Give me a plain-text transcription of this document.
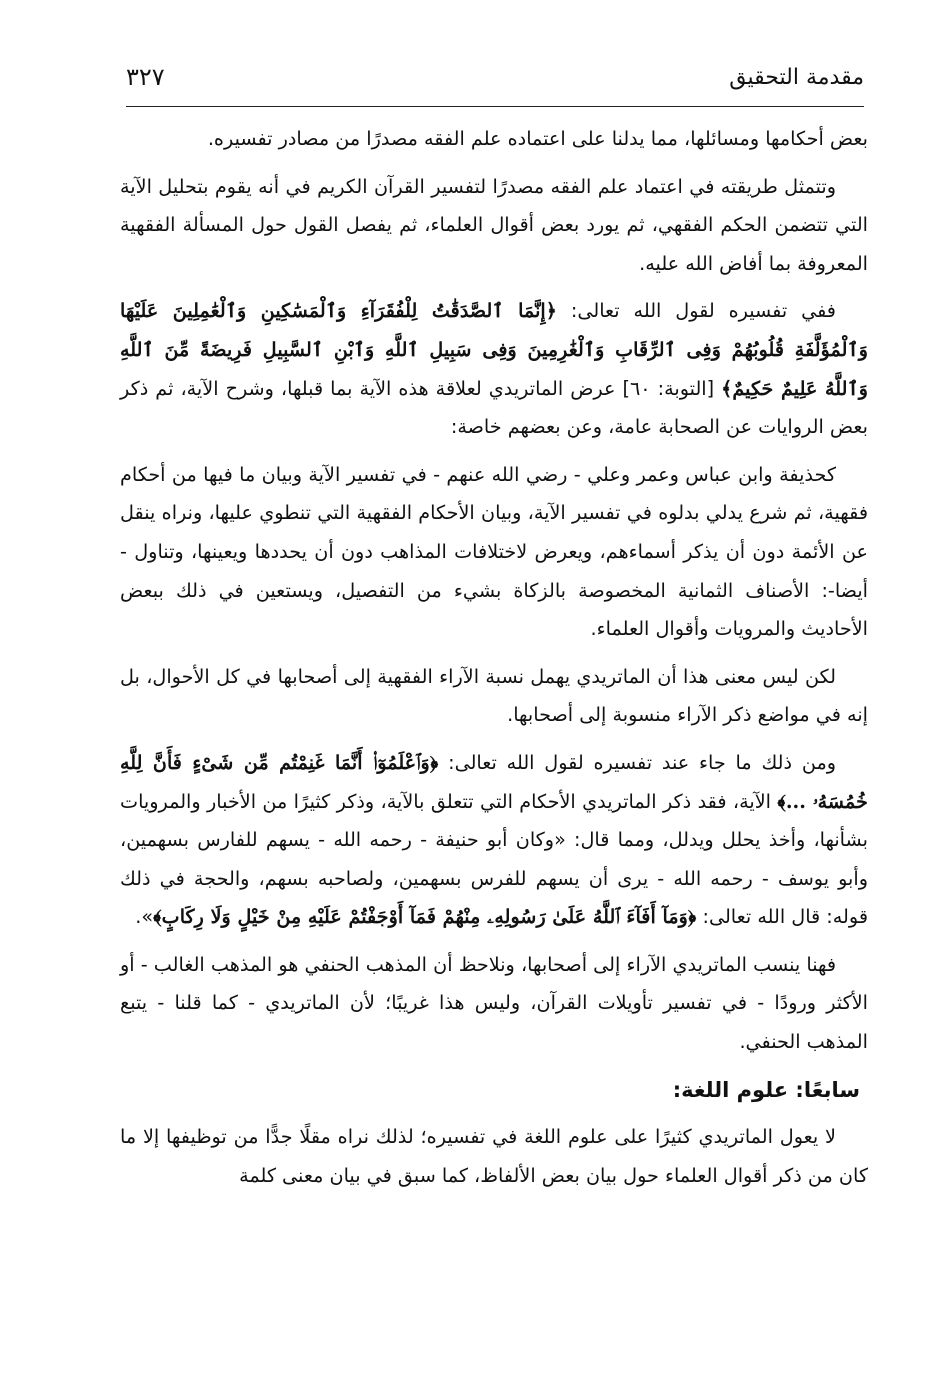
مقدمة التحقيق
٣٢٧

بعض أحكامها ومسائلها، مما يدلنا على اعتماده علم الفقه مصدرًا من مصادر تفسيره.

وتتمثل طريقته في اعتماد علم الفقه مصدرًا لتفسير القرآن الكريم في أنه يقوم بتحليل الآية التي تتضمن الحكم الفقهي، ثم يورد بعض أقوال العلماء، ثم يفصل القول حول المسألة الفقهية المعروفة بما أفاض الله عليه.

ففي تفسيره لقول الله تعالى: ﴿إِنَّمَا ٱلصَّدَقَٰتُ لِلْفُقَرَآءِ وَٱلْمَسَٰكِينِ وَٱلْعَٰمِلِينَ عَلَيْهَا وَٱلْمُؤَلَّفَةِ قُلُوبُهُمْ وَفِى ٱلرِّقَابِ وَٱلْغَٰرِمِينَ وَفِى سَبِيلِ ٱللَّهِ وَٱبْنِ ٱلسَّبِيلِ فَرِيضَةً مِّنَ ٱللَّهِ وَٱللَّهُ عَلِيمٌ حَكِيمٌ﴾ [التوبة: ٦٠] عرض الماتريدي لعلاقة هذه الآية بما قبلها، وشرح الآية، ثم ذكر بعض الروايات عن الصحابة عامة، وعن بعضهم خاصة:

كحذيفة وابن عباس وعمر وعلي - رضي الله عنهم - في تفسير الآية وبيان ما فيها من أحكام فقهية، ثم شرع يدلي بدلوه في تفسير الآية، وبيان الأحكام الفقهية التي تنطوي عليها، ونراه ينقل عن الأئمة دون أن يذكر أسماءهم، ويعرض لاختلافات المذاهب دون أن يحددها ويعينها، وتناول - أيضا-: الأصناف الثمانية المخصوصة بالزكاة بشيء من التفصيل، ويستعين في ذلك ببعض الأحاديث والمرويات وأقوال العلماء.

لكن ليس معنى هذا أن الماتريدي يهمل نسبة الآراء الفقهية إلى أصحابها في كل الأحوال، بل إنه في مواضع ذكر الآراء منسوبة إلى أصحابها.

ومن ذلك ما جاء عند تفسيره لقول الله تعالى: ﴿وَٱعْلَمُوٓا۟ أَنَّمَا غَنِمْتُم مِّن شَىْءٍ فَأَنَّ لِلَّهِ خُمُسَهُۥ ...﴾ الآية، فقد ذكر الماتريدي الأحكام التي تتعلق بالآية، وذكر كثيرًا من الأخبار والمرويات بشأنها، وأخذ يحلل ويدلل، ومما قال: «وكان أبو حنيفة - رحمه الله - يسهم للفارس بسهمين، وأبو يوسف - رحمه الله - يرى أن يسهم للفرس بسهمين، ولصاحبه بسهم، والحجة في ذلك قوله: قال الله تعالى: ﴿وَمَآ أَفَآءَ ٱللَّهُ عَلَىٰ رَسُولِهِۦ مِنْهُمْ فَمَآ أَوْجَفْتُمْ عَلَيْهِ مِنْ خَيْلٍ وَلَا رِكَابٍ﴾».

فهنا ينسب الماتريدي الآراء إلى أصحابها، ونلاحظ أن المذهب الحنفي هو المذهب الغالب - أو الأكثر ورودًا - في تفسير تأويلات القرآن، وليس هذا غريبًا؛ لأن الماتريدي - كما قلنا - يتبع المذهب الحنفي.

سابعًا: علوم اللغة:

لا يعول الماتريدي كثيرًا على علوم اللغة في تفسيره؛ لذلك نراه مقلًا جدًّا من توظيفها إلا ما كان من ذكر أقوال العلماء حول بيان بعض الألفاظ، كما سبق في بيان معنى كلمة
